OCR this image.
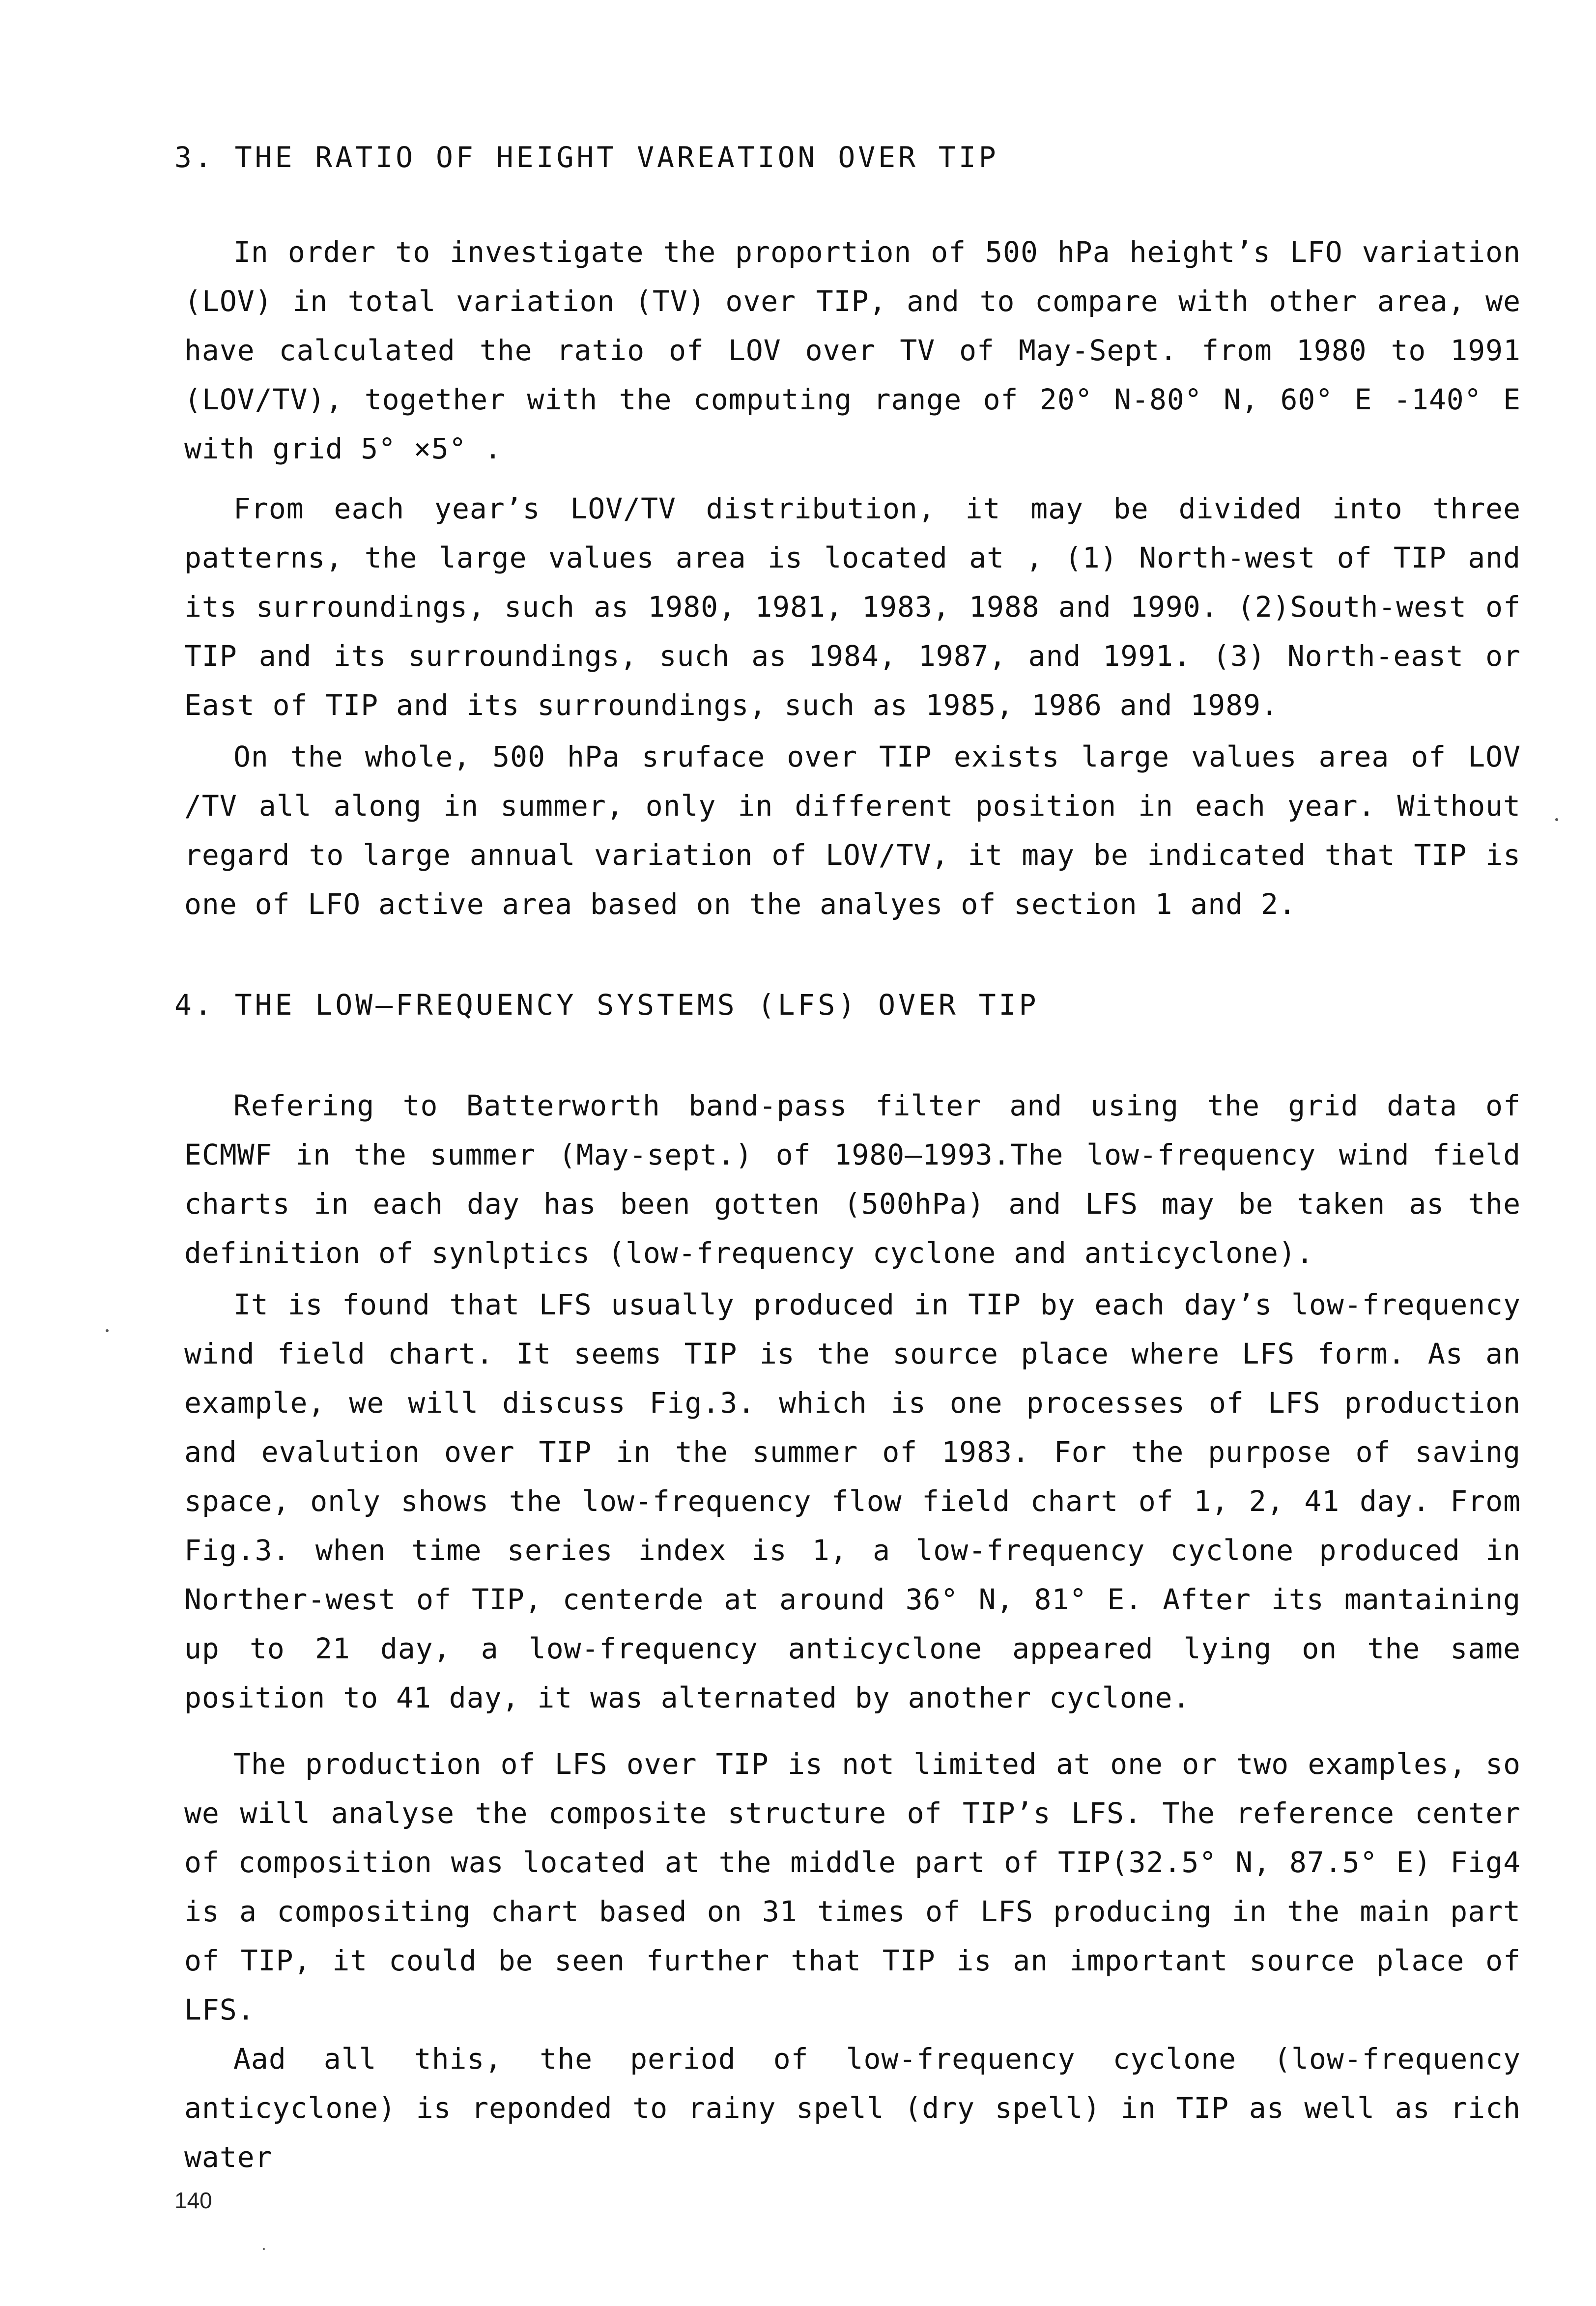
3. THE RATIO OF HEIGHT VAREATION OVER TIP

In order to investigate the proportion of 500 hPa height’s LFO variation (LOV) in total variation (TV) over TIP, and to compare with other area, we have calculated the ratio of LOV over TV of May-Sept. from 1980 to 1991 (LOV/TV), together with the computing range of 20° N-80° N, 60° E -140° E with grid 5° ×5° .

From each year’s LOV/TV distribution, it may be divided into three patterns, the large values area is located at , (1) North-west of TIP and its surroundings, such as 1980, 1981, 1983, 1988 and 1990. (2)South-west of TIP and its surroundings, such as 1984, 1987, and 1991. (3) North-east or East of TIP and its surroundings, such as 1985, 1986 and 1989.

On the whole, 500 hPa sruface over TIP exists large values area of LOV /TV all along in summer, only in different position in each year. Without regard to large annual variation of LOV/TV, it may be indicated that TIP is one of LFO active area based on the analyes of section 1 and 2.

4. THE LOW—FREQUENCY SYSTEMS (LFS) OVER TIP

Refering to Batterworth band-pass filter and using the grid data of ECMWF in the summer (May-sept.) of 1980—1993.The low-frequency wind field charts in each day has been gotten (500hPa) and LFS may be taken as the definition of synlptics (low-frequency cyclone and anticyclone).

It is found that LFS usually produced in TIP by each day’s low-frequency wind field chart. It seems TIP is the source place where LFS form. As an example, we will discuss Fig.3. which is one processes of LFS production and evalution over TIP in the summer of 1983. For the purpose of saving space, only shows the low-frequency flow field chart of 1, 2, 41 day. From Fig.3. when time series index is 1, a low-frequency cyclone produced in Norther-west of TIP, centerde at around 36° N, 81° E. After its mantaining up to 21 day, a low-frequency anticyclone appeared lying on the same position to 41 day, it was alternated by another cyclone.

The production of LFS over TIP is not limited at one or two examples, so we will analyse the composite structure of TIP’s LFS. The reference center of composition was located at the middle part of TIP(32.5° N, 87.5° E) Fig4 is a compositing chart based on 31 times of LFS producing in the main part of TIP, it could be seen further that TIP is an important source place of LFS.

Aad all this, the period of low-frequency cyclone (low-frequency anticyclone) is reponded to rainy spell (dry spell) in TIP as well as rich water

140
